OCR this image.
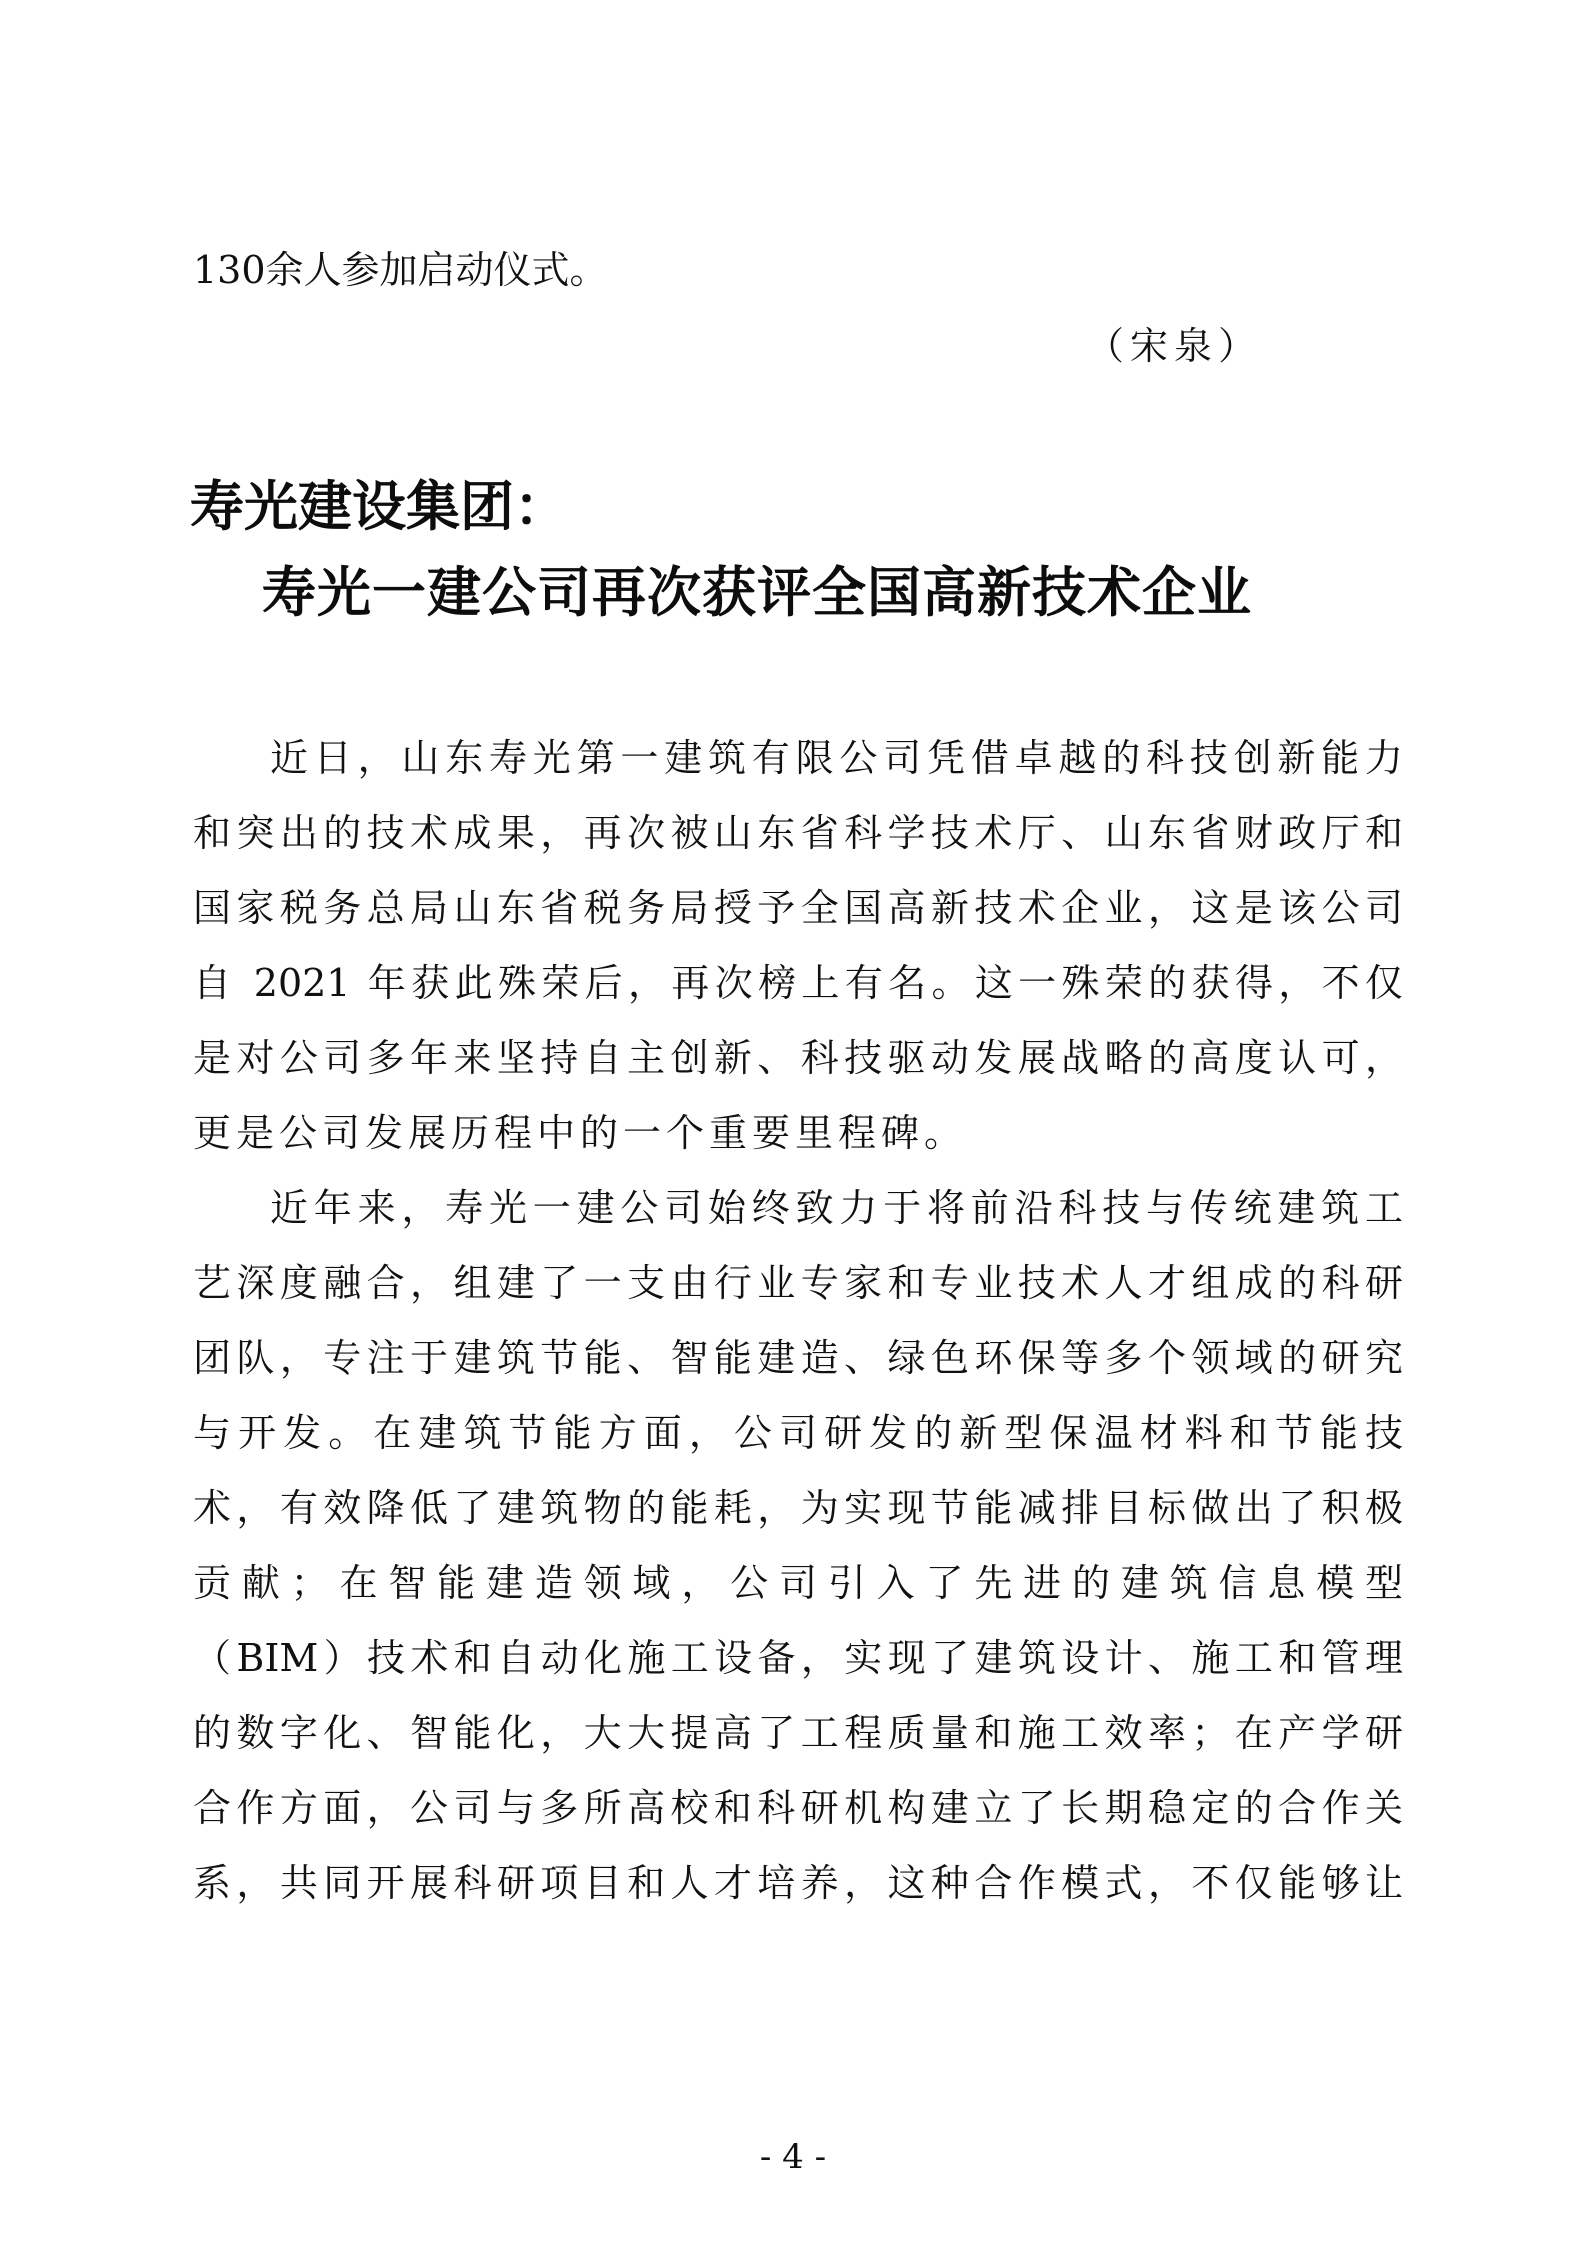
130余人参加启动仪式。
（宋泉）
寿光建设集团：
寿光一建公司再次获评全国高新技术企业
近日，山东寿光第一建筑有限公司凭借卓越的科技创新能力
和突出的技术成果，再次被山东省科学技术厅、山东省财政厅和
国家税务总局山东省税务局授予全国高新技术企业，这是该公司
自 2021 年获此殊荣后，再次榜上有名。这一殊荣的获得，不仅
是对公司多年来坚持自主创新、科技驱动发展战略的高度认可，
更是公司发展历程中的一个重要里程碑。
近年来，寿光一建公司始终致力于将前沿科技与传统建筑工
艺深度融合，组建了一支由行业专家和专业技术人才组成的科研
团队，专注于建筑节能、智能建造、绿色环保等多个领域的研究
与开发。在建筑节能方面，公司研发的新型保温材料和节能技
术，有效降低了建筑物的能耗，为实现节能减排目标做出了积极
贡献；在智能建造领域，公司引入了先进的建筑信息模型
（BIM）技术和自动化施工设备，实现了建筑设计、施工和管理
的数字化、智能化，大大提高了工程质量和施工效率；在产学研
合作方面，公司与多所高校和科研机构建立了长期稳定的合作关
系，共同开展科研项目和人才培养，这种合作模式，不仅能够让
- 4 -
